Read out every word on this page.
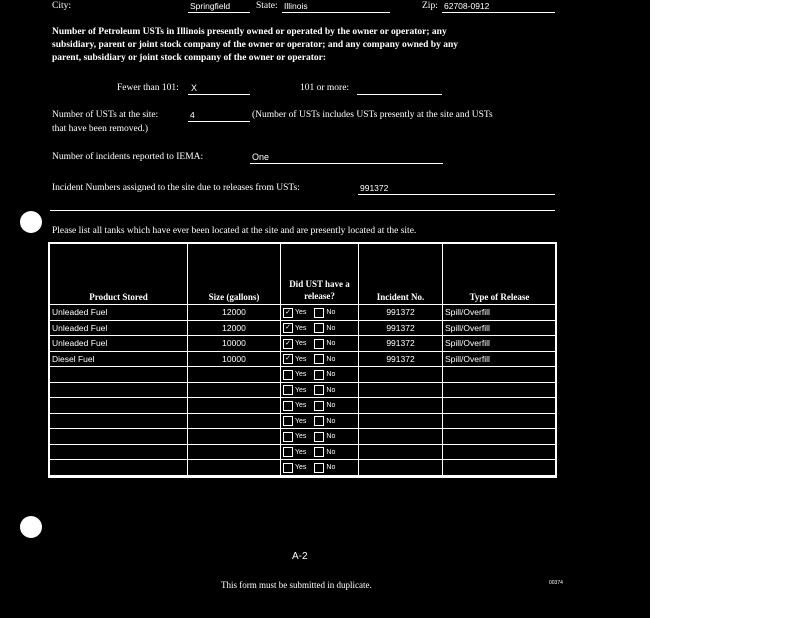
City:	Springfield	State: Illinois	Zip: 62708-0912
Number of Petroleum USTs in Illinois presently owned or operated by the owner or operator; any
subsidiary, parent or joint stock company of the owner or operator; and any company owned by any
parent, subsidiary or joint stock company of the owner or operator:
Fewer than 101: X	101 or more:
Number of USTs at the site:	4	(Number of USTs includes USTs presently at the site and USTs
that have been removed.)
Number of incidents reported to IEMA:	One
Incident Numbers assigned to the site due to releases from USTs:	991372
Please list all tanks which have ever been located at the site and are presently located at the site.
Product Stored	Size (gallons)	Did UST have a release?	Incident No.	Type of Release
Unleaded Fuel	12000	✓ Yes No	991372	Spill/Overfill
Unleaded Fuel	12000	✓ Yes No	991372	Spill/Overfill
Unleaded Fuel	10000	✓ Yes No	991372	Spill/Overfill
Diesel Fuel	10000	✓ Yes No	991372	Spill/Overfill
		Yes No		
		Yes No		
		Yes No		
		Yes No		
		Yes No		
		Yes No		
		Yes No		
A-2
This form must be submitted in duplicate.	00374
